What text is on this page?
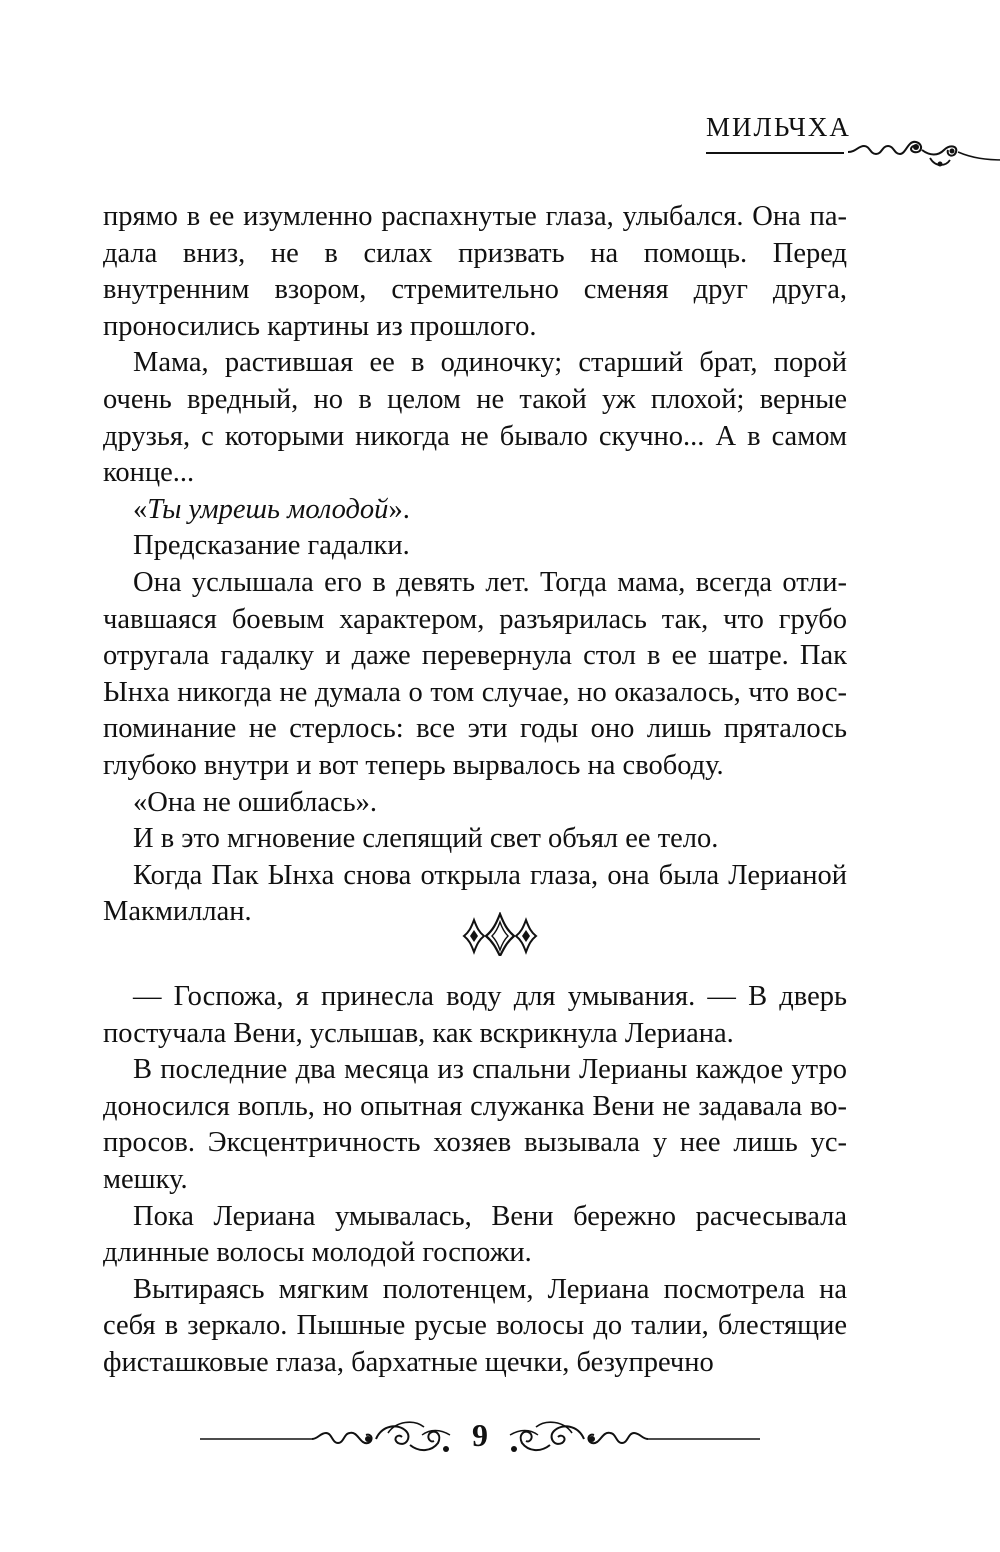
МИЛЬЧХА

прямо в ее изумленно распахнутые глаза, улыбался. Она падала вниз, не в силах призвать на помощь. Перед внутренним взором, стремительно сменяя друг друга, проносились картины из прошлого.

Мама, растившая ее в одиночку; старший брат, порой очень вредный, но в целом не такой уж плохой; верные друзья, с которыми никогда не бывало скучно... А в самом конце...

«Ты умрешь молодой».

Предсказание гадалки.

Она услышала его в девять лет. Тогда мама, всегда отличавшаяся боевым характером, разъярилась так, что грубо отругала гадалку и даже перевернула стол в ее шатре. Пак Ынха никогда не думала о том случае, но оказалось, что воспоминание не стерлось: все эти годы оно лишь пряталось глубоко внутри и вот теперь вырвалось на свободу.

«Она не ошиблась».

И в это мгновение слепящий свет объял ее тело.

Когда Пак Ынха снова открыла глаза, она была Лерианой Макмиллан.

— Госпожа, я принесла воду для умывания. — В дверь постучала Вени, услышав, как вскрикнула Лериана.

В последние два месяца из спальни Лерианы каждое утро доносился вопль, но опытная служанка Вени не задавала вопросов. Эксцентричность хозяев вызывала у нее лишь усмешку.

Пока Лериана умывалась, Вени бережно расчесывала длинные волосы молодой госпожи.

Вытираясь мягким полотенцем, Лериана посмотрела на себя в зеркало. Пышные русые волосы до талии, блестящие фисташковые глаза, бархатные щечки, безупречно

9
